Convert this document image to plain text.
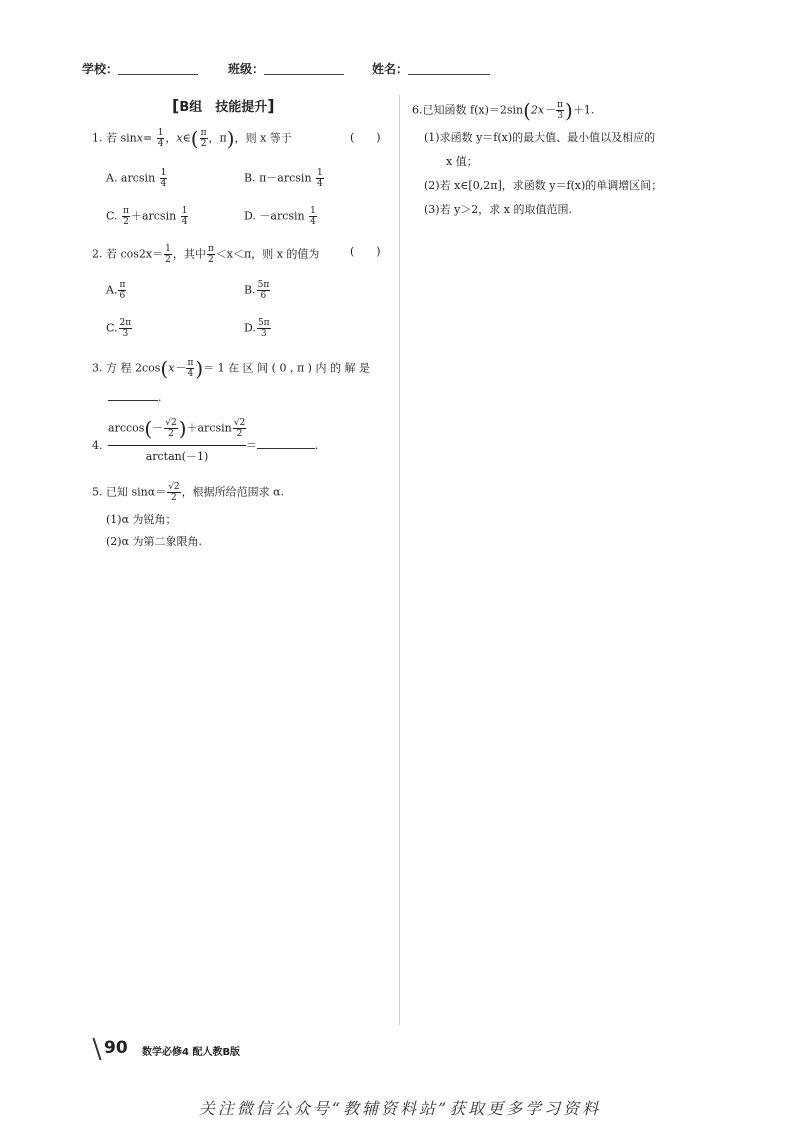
学校：	班级：	姓名：
[B组　技能提升]
1. 若 $\sin x= \frac{1}{4}$ ，x∈( $\frac{\pi}{2}$ ，π)，则 x 等于	(　　)
A. $\arcsin \frac{1}{4}$	B. $\pi-\arcsin \frac{1}{4}$
C. $\frac{\pi}{2} +\arcsin \frac{1}{4}$	D. $-\arcsin \frac{1}{4}$
2. 若 $\cos 2x= \frac{1}{2}$ ，其中 $\frac{\pi}{2} <x<\pi$，则 x 的值为	(　　)
A. $\frac{\pi}{6}$	B. $\frac{5\pi}{6}$
C. $\frac{2\pi}{3}$	D. $\frac{5\pi}{3}$
3. 方 程 $2\cos(x- \frac{\pi}{4}$ )＝ 1 在 区 间 ( 0 , π ) 内 的 解 是
.
4.
$\arccos(- \frac{√2}{2} )+\arcsin \frac{√2}{2}$
arctan(－1)
＝	.
5. 已知 $\sin\alpha= \frac{√2}{2}$ ，根据所给范围求 α.
(1)α 为锐角；
(2)α 为第二象限角.
6.已知函数 $f(x)=2\sin(2x- \frac{\pi}{3} )+1$.
(1)求函数 y＝f(x)的最大值、最小值以及相应的
x 值；
(2)若 x∈[0,2π]，求函数 y＝f(x)的单调增区间；
(3)若 y＞2，求 x 的取值范围.
90 数学必修4 配人教B版
关注微信公众号“教辅资料站”获取更多学习资料
